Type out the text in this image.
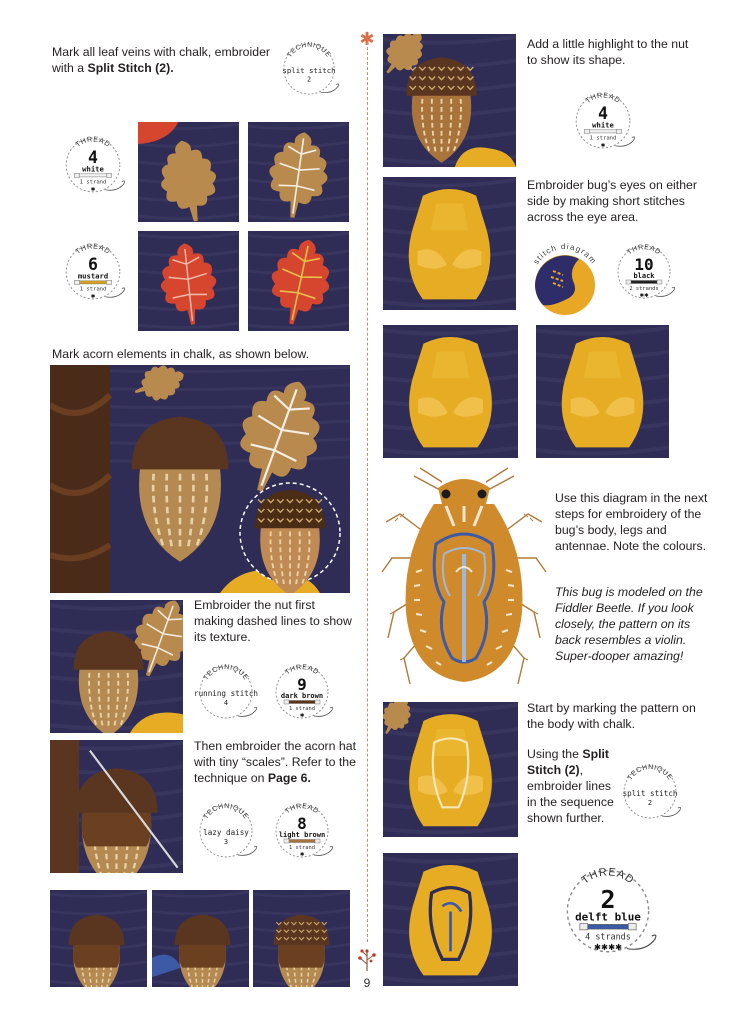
Mark all leaf veins with chalk, embroider with a Split Stitch (2).
TECHNIQUE
split stitch
2
THREAD
4
white
1 strand
✱
THREAD
6
mustard
1 strand
✱
Mark acorn elements in chalk, as shown below.
Embroider the nut first making dashed lines to show its texture.
TECHNIQUE
running stitch
4
THREAD
9
dark brown
1 strand
✱
Then embroider the acorn hat with tiny “scales”. Refer to the technique on Page 6.
TECHNIQUE
lazy daisy
3
THREAD
8
light brown
1 strand
✱
✱
9
Add a little highlight to the nut to show its shape.
THREAD
4
white
1 strand
✱
Embroider bug’s eyes on either side by making short stitches across the eye area.
stitch diagram
THREAD
10
black
2 strands
✱✱
Use this diagram in the next steps for embroidery of the bug’s body, legs and antennae. Note the colours.
This bug is modeled on the Fiddler Beetle. If you look closely, the pattern on its back resembles a violin. Super-dooper amazing!
Start by marking the pattern on the body with chalk.
Using the Split Stitch (2), embroider lines in the sequence shown further.
TECHNIQUE
split stitch
2
THREAD
2
delft blue
4 strands
✱✱✱✱
